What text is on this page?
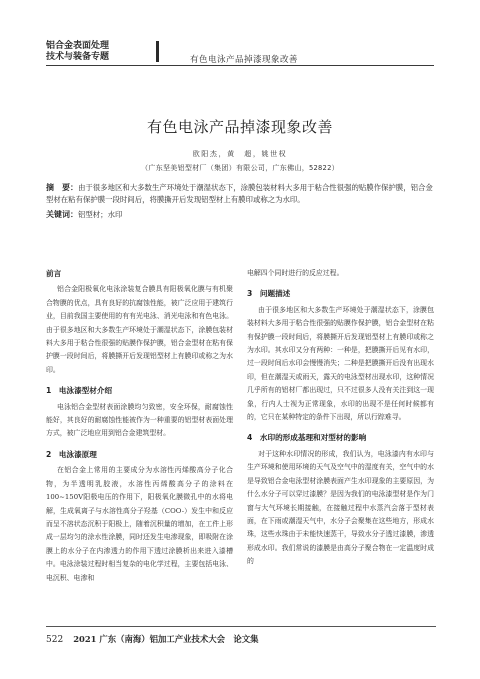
铝合金表面处理
技术与装备专题	有色电泳产品掉漆现象改善
有色电泳产品掉漆现象改善
欧阳杰，黄　超，姚世权
（广东坚美铝型材厂（集团）有限公司，广东佛山，52822）
摘　要：由于很多地区和大多数生产环境处于潮湿状态下，涂膜包装材料大多用于粘合性很强的贴膜作保护膜，铝合金型材在粘有保护膜一段时间后，将膜撕开后发现铝型材上有膜印或称之为水印。
关键词：铝型材；水印
前言
铝合金阳极氧化电泳涂装复合膜具有阳极氧化膜与有机聚合物膜的优点，具有良好的抗腐蚀性能，被广泛应用于建筑行业，目前我国主要使用的有有光电泳、消光电泳和有色电泳。由于很多地区和大多数生产环境处于潮湿状态下，涂膜包装材料大多用于粘合性很强的贴膜作保护膜，铝合金型材在粘有保护膜一段时间后，将膜撕开后发现铝型材上有膜印或称之为水印。
1　电泳漆型材介绍
电泳铝合金型材表面涂膜均匀致密，安全环保，耐腐蚀性能好，其良好的耐腐蚀性能被作为一种重要的铝型材表面处理方式，被广泛地应用到铝合金建筑型材。
2　电泳漆原理
在铝合金上常用的主要成分为水溶性丙烯酸高分子化合物，为半透明乳胶液，水溶性丙烯酸高分子的涂料在100~150V阳极电压的作用下，阳极氧化膜微孔中的水将电解，生成氧离子与水溶性高分子羟基（COO-）发生中和反应而呈不溶状态沉积于阳极上，随着沉积量的增加，在工件上形成一层均匀的涂水性涂膜，同时还发生电渗现象，即吸附在涂膜上的水分子在内渗透力的作用下透过涂膜析出来进入漆槽中。电泳涂装过程时相当复杂的电化学过程，主要包括电泳、电沉积、电渗和
电解四个同时进行的反应过程。
3　问题描述
由于很多地区和大多数生产环境处于潮湿状态下，涂膜包装材料大多用于粘合性很强的贴膜作保护膜，铝合金型材在粘有保护膜一段时间后，将膜撕开后发现铝型材上有膜印或称之为水印。其水印又分有两种：一种是，把膜撕开后见有水印，过一段时间后水印会慢慢消失；二种是把膜撕开后没有出现水印，但在潮湿天或雨天，露天的电泳型材出现水印，这种情况几乎所有的铝材厂都出现过，只不过很多人没有关注到这一现象，行内人士视为正常现象，水印的出现不是任何时候都有的，它只在某种特定的条件下出现，所以行踪难寻。
4　水印的形成基理和对型材的影响
对于这种水印情况的形成，我们认为，电泳漆内有水印与生产环境和使用环境的天气及空气中的湿度有关，空气中的水是导致铝合金电泳型材涂膜表面产生水印现象的主要原因，为什么水分子可以穿过漆膜？是因为我们的电泳漆型材是作为门窗与大气环境长期接触，在接触过程中水蒸汽会落于型材表面，在下雨或潮湿天气中，水分子会聚集在这些地方，形成水珠，这些水珠由于未能快速蒸干，导致水分子透过漆膜，渗透形成水印。我们常说的漆膜是由高分子聚合物在一定温度时成的
522 2021 广东（南海）铝加工产业技术大会　论文集
